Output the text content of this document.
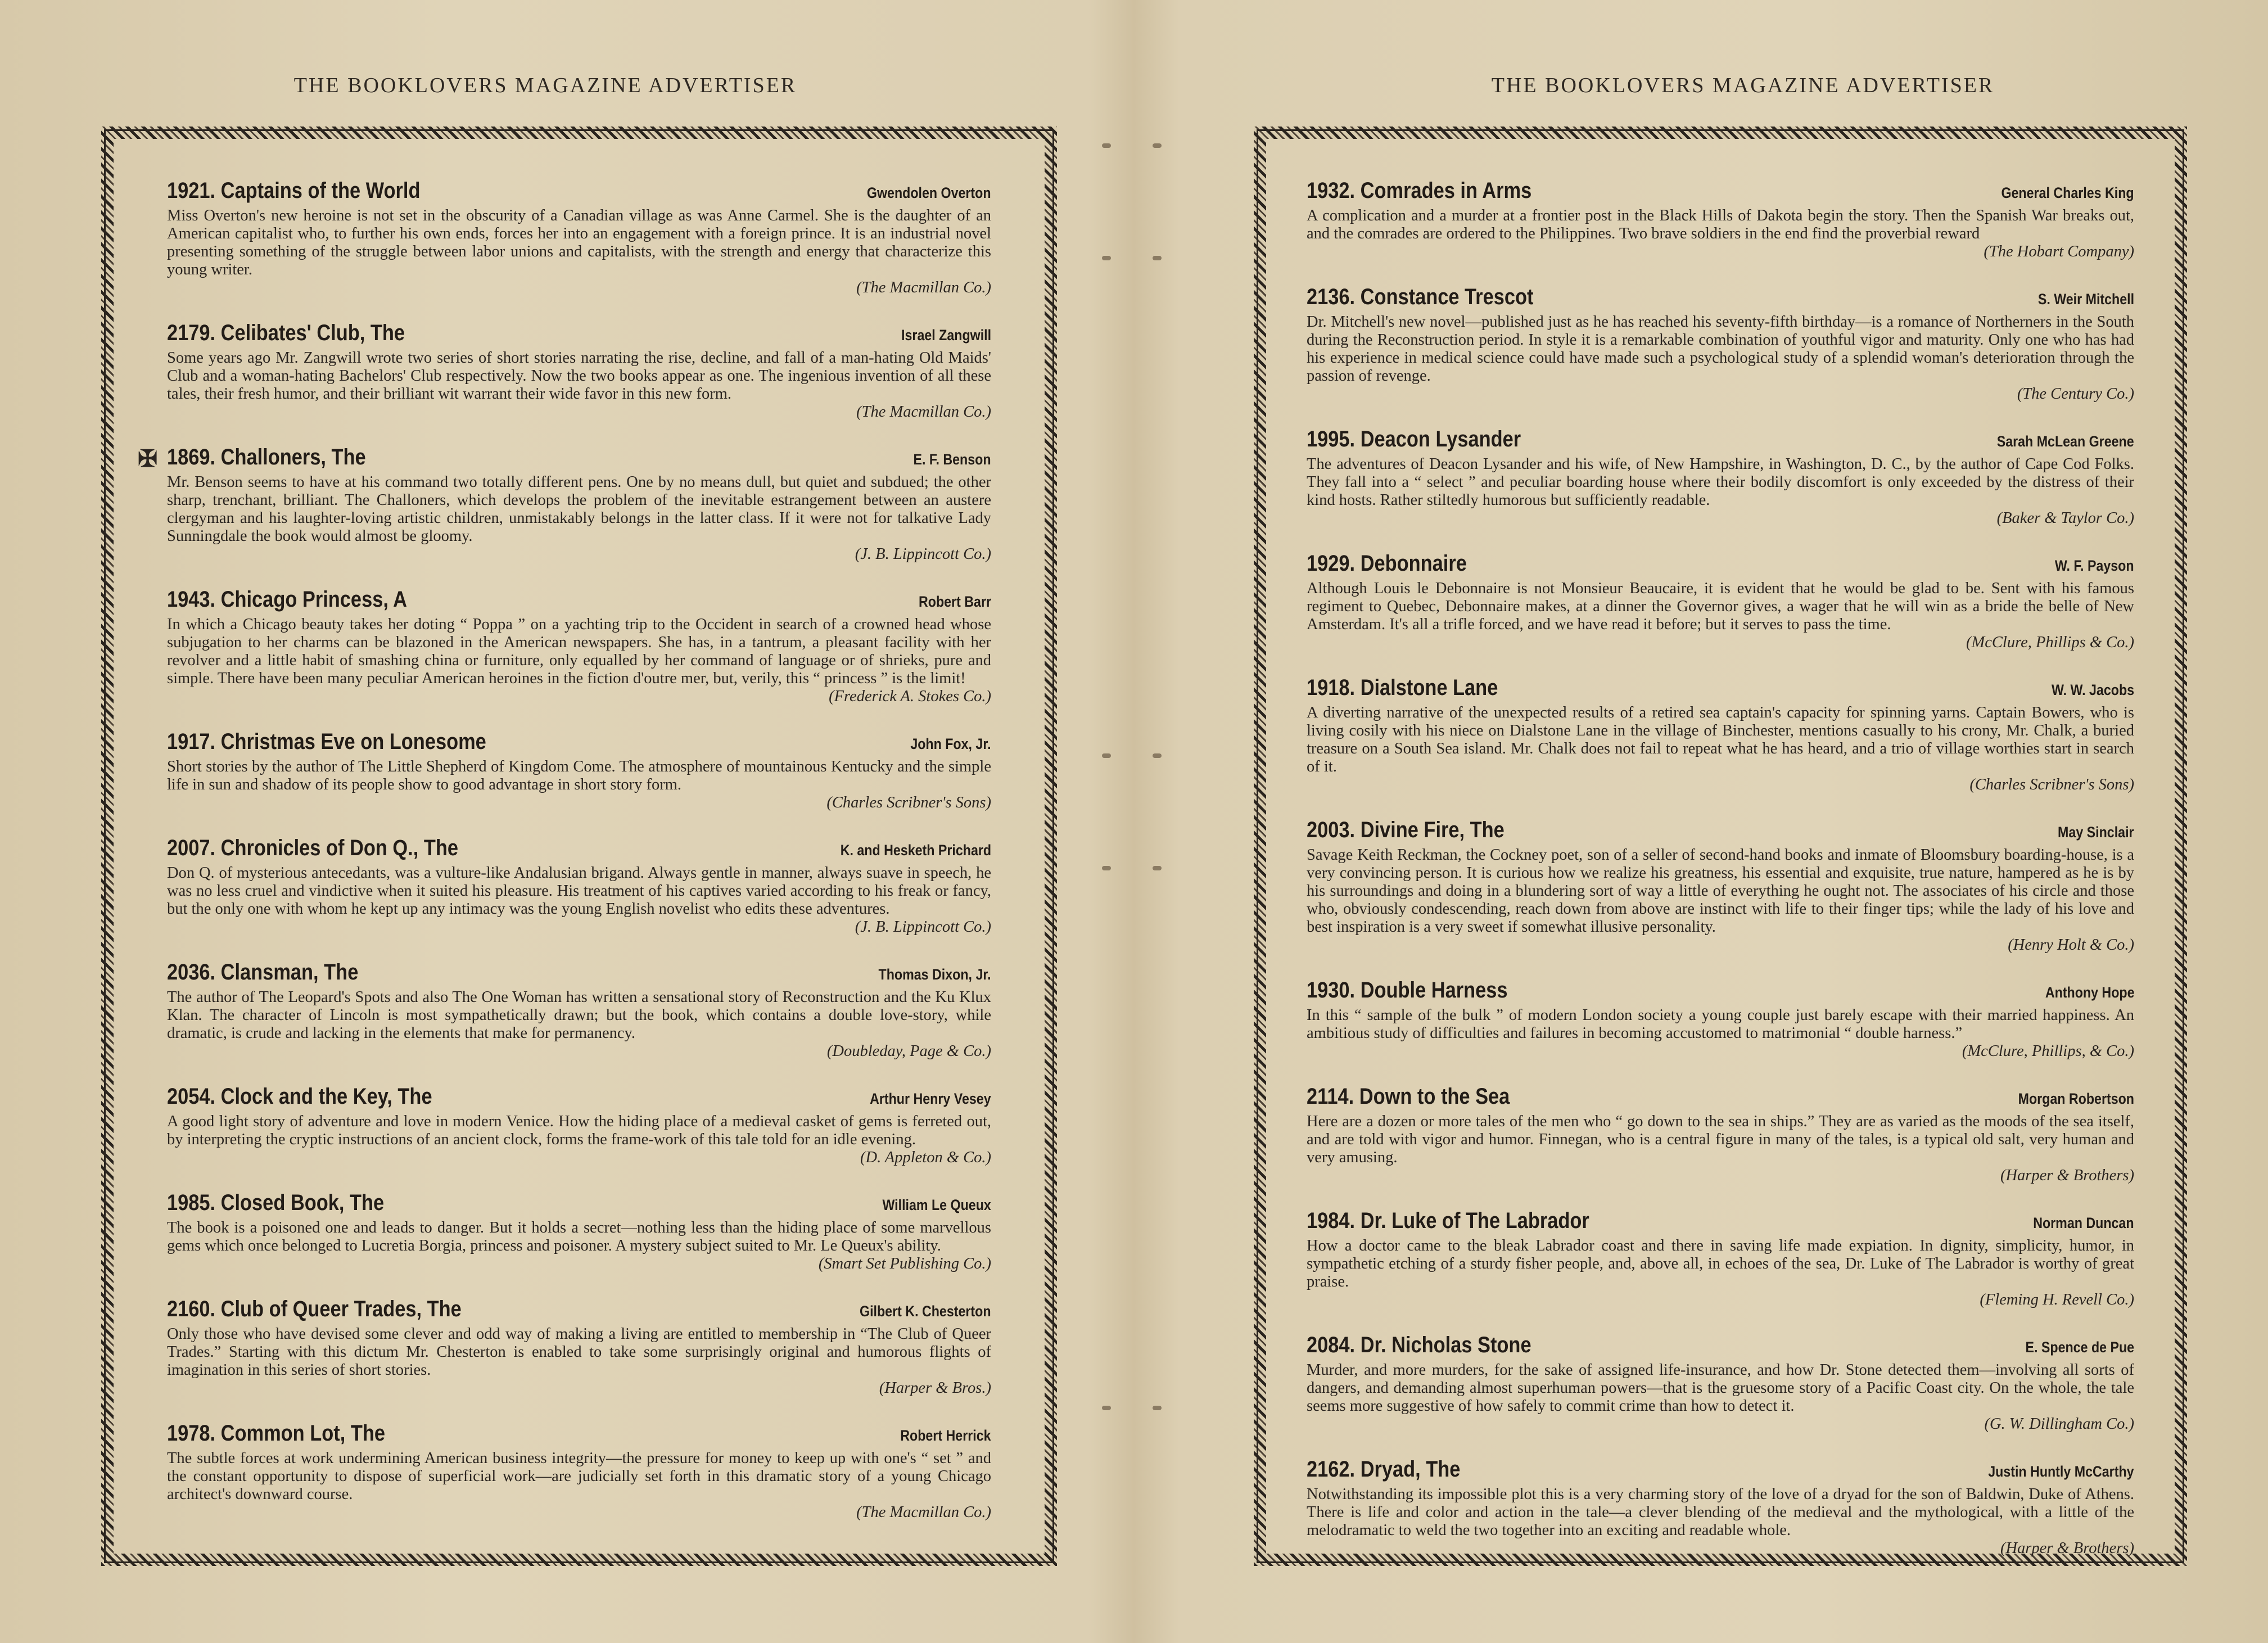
THE BOOKLOVERS MAGAZINE ADVERTISER
1921. Captains of the World	Gwendolen Overton
Miss Overton's new heroine is not set in the obscurity of a Canadian village as was Anne Carmel. She is the daughter of an American capitalist who, to further his own ends, forces her into an engagement with a foreign prince. It is an industrial novel presenting something of the struggle between labor unions and capitalists, with the strength and energy that characterize this young writer.
(The Macmillan Co.)
2179. Celibates' Club, The	Israel Zangwill
Some years ago Mr. Zangwill wrote two series of short stories narrating the rise, decline, and fall of a man-hating Old Maids' Club and a woman-hating Bachelors' Club respectively. Now the two books appear as one. The ingenious invention of all these tales, their fresh humor, and their brilliant wit warrant their wide favor in this new form.
(The Macmillan Co.)
✠ 1869. Challoners, The	E. F. Benson
Mr. Benson seems to have at his command two totally different pens. One by no means dull, but quiet and subdued; the other sharp, trenchant, brilliant. The Challoners, which develops the problem of the inevitable estrangement between an austere clergyman and his laughter-loving artistic children, unmistakably belongs in the latter class. If it were not for talkative Lady Sunningdale the book would almost be gloomy.
(J. B. Lippincott Co.)
1943. Chicago Princess, A	Robert Barr
In which a Chicago beauty takes her doting “ Poppa ” on a yachting trip to the Occident in search of a crowned head whose subjugation to her charms can be blazoned in the American newspapers. She has, in a tantrum, a pleasant facility with her revolver and a little habit of smashing china or furniture, only equalled by her command of language or of shrieks, pure and simple. There have been many peculiar American heroines in the fiction d'outre mer, but, verily, this “ princess ” is the limit!
(Frederick A. Stokes Co.)
1917. Christmas Eve on Lonesome	John Fox, Jr.
Short stories by the author of The Little Shepherd of Kingdom Come. The atmosphere of mountainous Kentucky and the simple life in sun and shadow of its people show to good advantage in short story form.
(Charles Scribner's Sons)
2007. Chronicles of Don Q., The	K. and Hesketh Prichard
Don Q. of mysterious antecedants, was a vulture-like Andalusian brigand. Always gentle in manner, always suave in speech, he was no less cruel and vindictive when it suited his pleasure. His treatment of his captives varied according to his freak or fancy, but the only one with whom he kept up any intimacy was the young English novelist who edits these adventures.
(J. B. Lippincott Co.)
2036. Clansman, The	Thomas Dixon, Jr.
The author of The Leopard's Spots and also The One Woman has written a sensational story of Reconstruction and the Ku Klux Klan. The character of Lincoln is most sympathetically drawn; but the book, which contains a double love-story, while dramatic, is crude and lacking in the elements that make for permanency.
(Doubleday, Page & Co.)
2054. Clock and the Key, The	Arthur Henry Vesey
A good light story of adventure and love in modern Venice. How the hiding place of a medieval casket of gems is ferreted out, by interpreting the cryptic instructions of an ancient clock, forms the frame-work of this tale told for an idle evening.
(D. Appleton & Co.)
1985. Closed Book, The	William Le Queux
The book is a poisoned one and leads to danger. But it holds a secret—nothing less than the hiding place of some marvellous gems which once belonged to Lucretia Borgia, princess and poisoner. A mystery subject suited to Mr. Le Queux's ability.
(Smart Set Publishing Co.)
2160. Club of Queer Trades, The	Gilbert K. Chesterton
Only those who have devised some clever and odd way of making a living are entitled to membership in “The Club of Queer Trades.” Starting with this dictum Mr. Chesterton is enabled to take some surprisingly original and humorous flights of imagination in this series of short stories.
(Harper & Bros.)
1978. Common Lot, The	Robert Herrick
The subtle forces at work undermining American business integrity—the pressure for money to keep up with one's “ set ” and the constant opportunity to dispose of superficial work—are judicially set forth in this dramatic story of a young Chicago architect's downward course.
(The Macmillan Co.)
THE BOOKLOVERS MAGAZINE ADVERTISER
1932. Comrades in Arms	General Charles King
A complication and a murder at a frontier post in the Black Hills of Dakota begin the story. Then the Spanish War breaks out, and the comrades are ordered to the Philippines. Two brave soldiers in the end find the proverbial reward
(The Hobart Company)
2136. Constance Trescot	S. Weir Mitchell
Dr. Mitchell's new novel—published just as he has reached his seventy-fifth birthday—is a romance of Northerners in the South during the Reconstruction period. In style it is a remarkable combination of youthful vigor and maturity. Only one who has had his experience in medical science could have made such a psychological study of a splendid woman's deterioration through the passion of revenge.
(The Century Co.)
1995. Deacon Lysander	Sarah McLean Greene
The adventures of Deacon Lysander and his wife, of New Hampshire, in Washington, D. C., by the author of Cape Cod Folks. They fall into a “ select ” and peculiar boarding house where their bodily discomfort is only exceeded by the distress of their kind hosts. Rather stiltedly humorous but sufficiently readable.
(Baker & Taylor Co.)
1929. Debonnaire	W. F. Payson
Although Louis le Debonnaire is not Monsieur Beaucaire, it is evident that he would be glad to be. Sent with his famous regiment to Quebec, Debonnaire makes, at a dinner the Governor gives, a wager that he will win as a bride the belle of New Amsterdam. It's all a trifle forced, and we have read it before; but it serves to pass the time.
(McClure, Phillips & Co.)
1918. Dialstone Lane	W. W. Jacobs
A diverting narrative of the unexpected results of a retired sea captain's capacity for spinning yarns. Captain Bowers, who is living cosily with his niece on Dialstone Lane in the village of Binchester, mentions casually to his crony, Mr. Chalk, a buried treasure on a South Sea island. Mr. Chalk does not fail to repeat what he has heard, and a trio of village worthies start in search of it.
(Charles Scribner's Sons)
2003. Divine Fire, The	May Sinclair
Savage Keith Reckman, the Cockney poet, son of a seller of second-hand books and inmate of Bloomsbury boarding-house, is a very convincing person. It is curious how we realize his greatness, his essential and exquisite, true nature, hampered as he is by his surroundings and doing in a blundering sort of way a little of everything he ought not. The associates of his circle and those who, obviously condescending, reach down from above are instinct with life to their finger tips; while the lady of his love and best inspiration is a very sweet if somewhat illusive personality.
(Henry Holt & Co.)
1930. Double Harness	Anthony Hope
In this “ sample of the bulk ” of modern London society a young couple just barely escape with their married happiness. An ambitious study of difficulties and failures in becoming accustomed to matrimonial “ double harness.”
(McClure, Phillips, & Co.)
2114. Down to the Sea	Morgan Robertson
Here are a dozen or more tales of the men who “ go down to the sea in ships.” They are as varied as the moods of the sea itself, and are told with vigor and humor. Finnegan, who is a central figure in many of the tales, is a typical old salt, very human and very amusing.
(Harper & Brothers)
1984. Dr. Luke of The Labrador	Norman Duncan
How a doctor came to the bleak Labrador coast and there in saving life made expiation. In dignity, simplicity, humor, in sympathetic etching of a sturdy fisher people, and, above all, in echoes of the sea, Dr. Luke of The Labrador is worthy of great praise.
(Fleming H. Revell Co.)
2084. Dr. Nicholas Stone	E. Spence de Pue
Murder, and more murders, for the sake of assigned life-insurance, and how Dr. Stone detected them—involving all sorts of dangers, and demanding almost superhuman powers—that is the gruesome story of a Pacific Coast city. On the whole, the tale seems more suggestive of how safely to commit crime than how to detect it.
(G. W. Dillingham Co.)
2162. Dryad, The	Justin Huntly McCarthy
Notwithstanding its impossible plot this is a very charming story of the love of a dryad for the son of Baldwin, Duke of Athens. There is life and color and action in the tale—a clever blending of the medieval and the mythological, with a little of the melodramatic to weld the two together into an exciting and readable whole.
(Harper & Brothers)
